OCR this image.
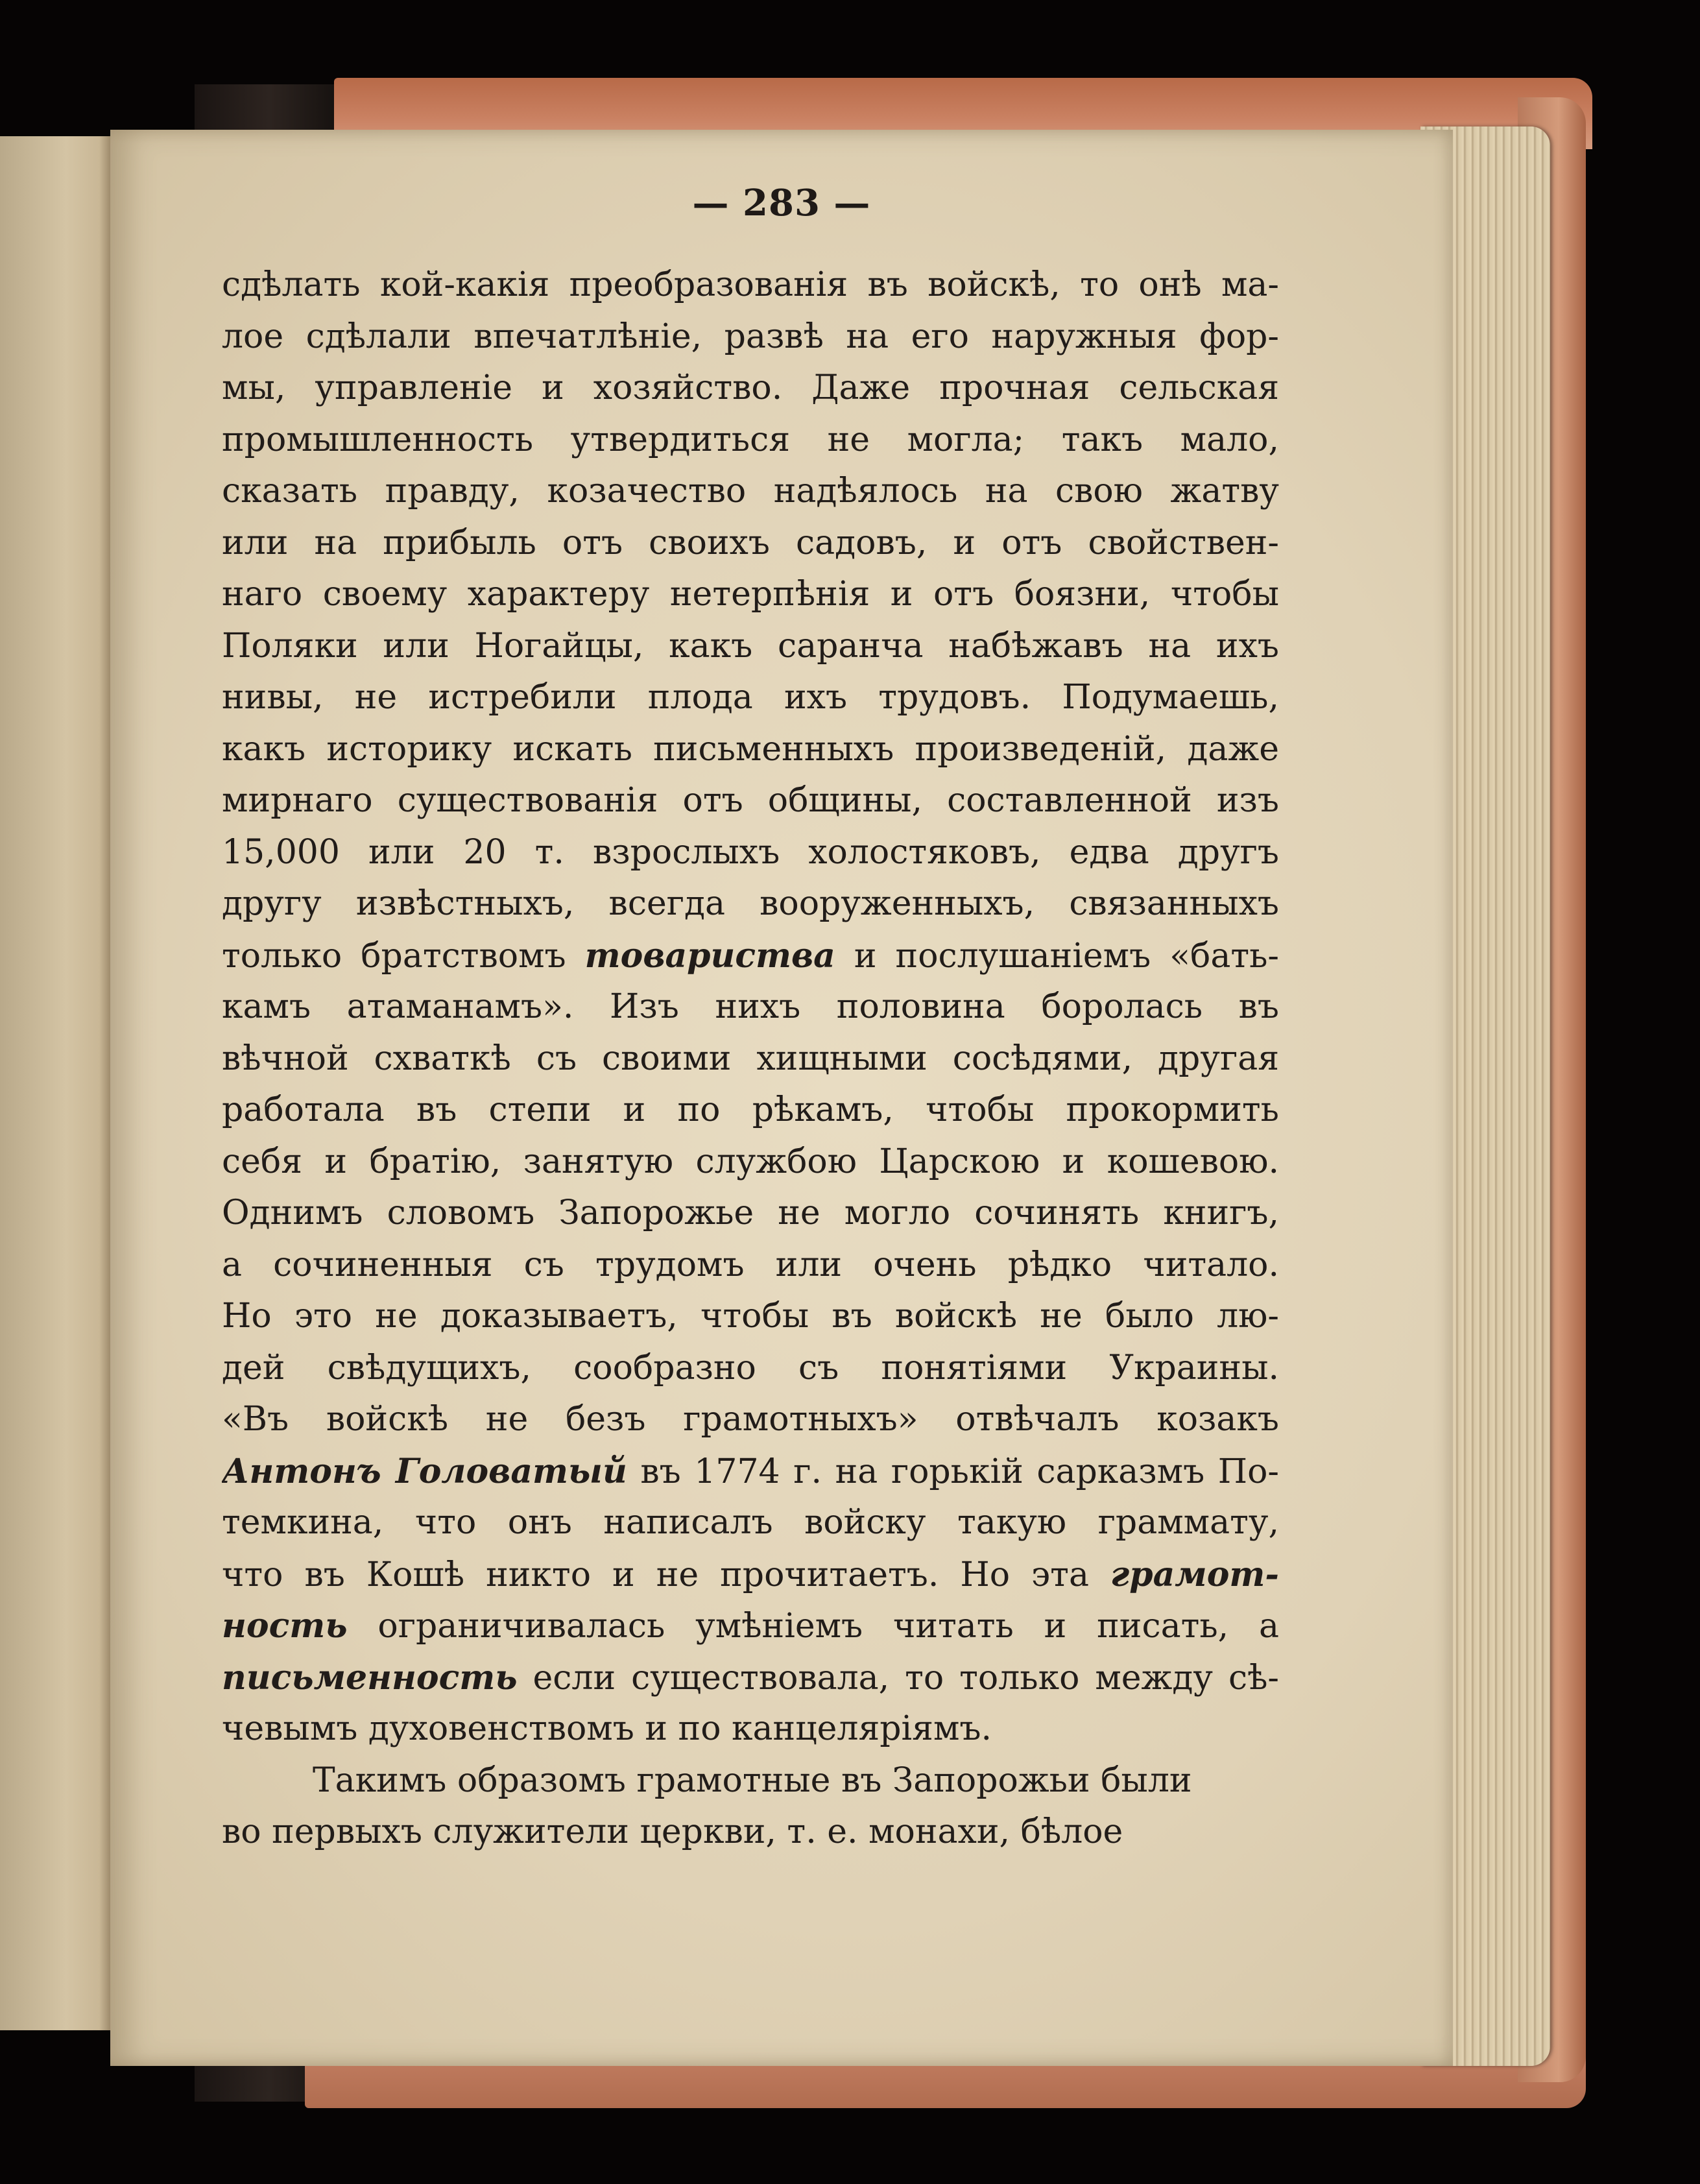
— 283 —
сдѣлать кой-какія преобразованія въ войскѣ, то онѣ ма-
лое сдѣлали впечатлѣніе, развѣ на его наружныя фор-
мы, управленіе и хозяйство. Даже прочная сельская
промышленность утвердиться не могла; такъ мало,
сказать правду, козачество надѣялось на свою жатву
или на прибыль отъ своихъ садовъ, и отъ свойствен-
наго своему характеру нетерпѣнія и отъ боязни, чтобы
Поляки или Ногайцы, какъ саранча набѣжавъ на ихъ
нивы, не истребили плода ихъ трудовъ. Подумаешь,
какъ историку искать письменныхъ произведеній, даже
мирнаго существованія отъ общины, составленной изъ
15,000 или 20 т. взрослыхъ холостяковъ, едва другъ
другу извѣстныхъ, всегда вооруженныхъ, связанныхъ
только братствомъ товариства и послушаніемъ «бать-
камъ атаманамъ». Изъ нихъ половина боролась въ
вѣчной схваткѣ съ своими хищными сосѣдями, другая
работала въ степи и по рѣкамъ, чтобы прокормить
себя и братію, занятую службою Царскою и кошевою.
Однимъ словомъ Запорожье не могло сочинять книгъ,
а сочиненныя съ трудомъ или очень рѣдко читало.
Но это не доказываетъ, чтобы въ войскѣ не было лю-
дей свѣдущихъ, сообразно съ понятіями Украины.
«Въ войскѣ не безъ грамотныхъ» отвѣчалъ козакъ
Антонъ Головатый въ 1774 г. на горькій сарказмъ По-
темкина, что онъ написалъ войску такую граммату,
что въ Кошѣ никто и не прочитаетъ. Но эта грамот-
ность ограничивалась умѣніемъ читать и писать, а
письменность если существовала, то только между сѣ-
чевымъ духовенствомъ и по канцеляріямъ.
Такимъ образомъ грамотные въ Запорожьи были
во первыхъ служители церкви, т. е. монахи, бѣлое
